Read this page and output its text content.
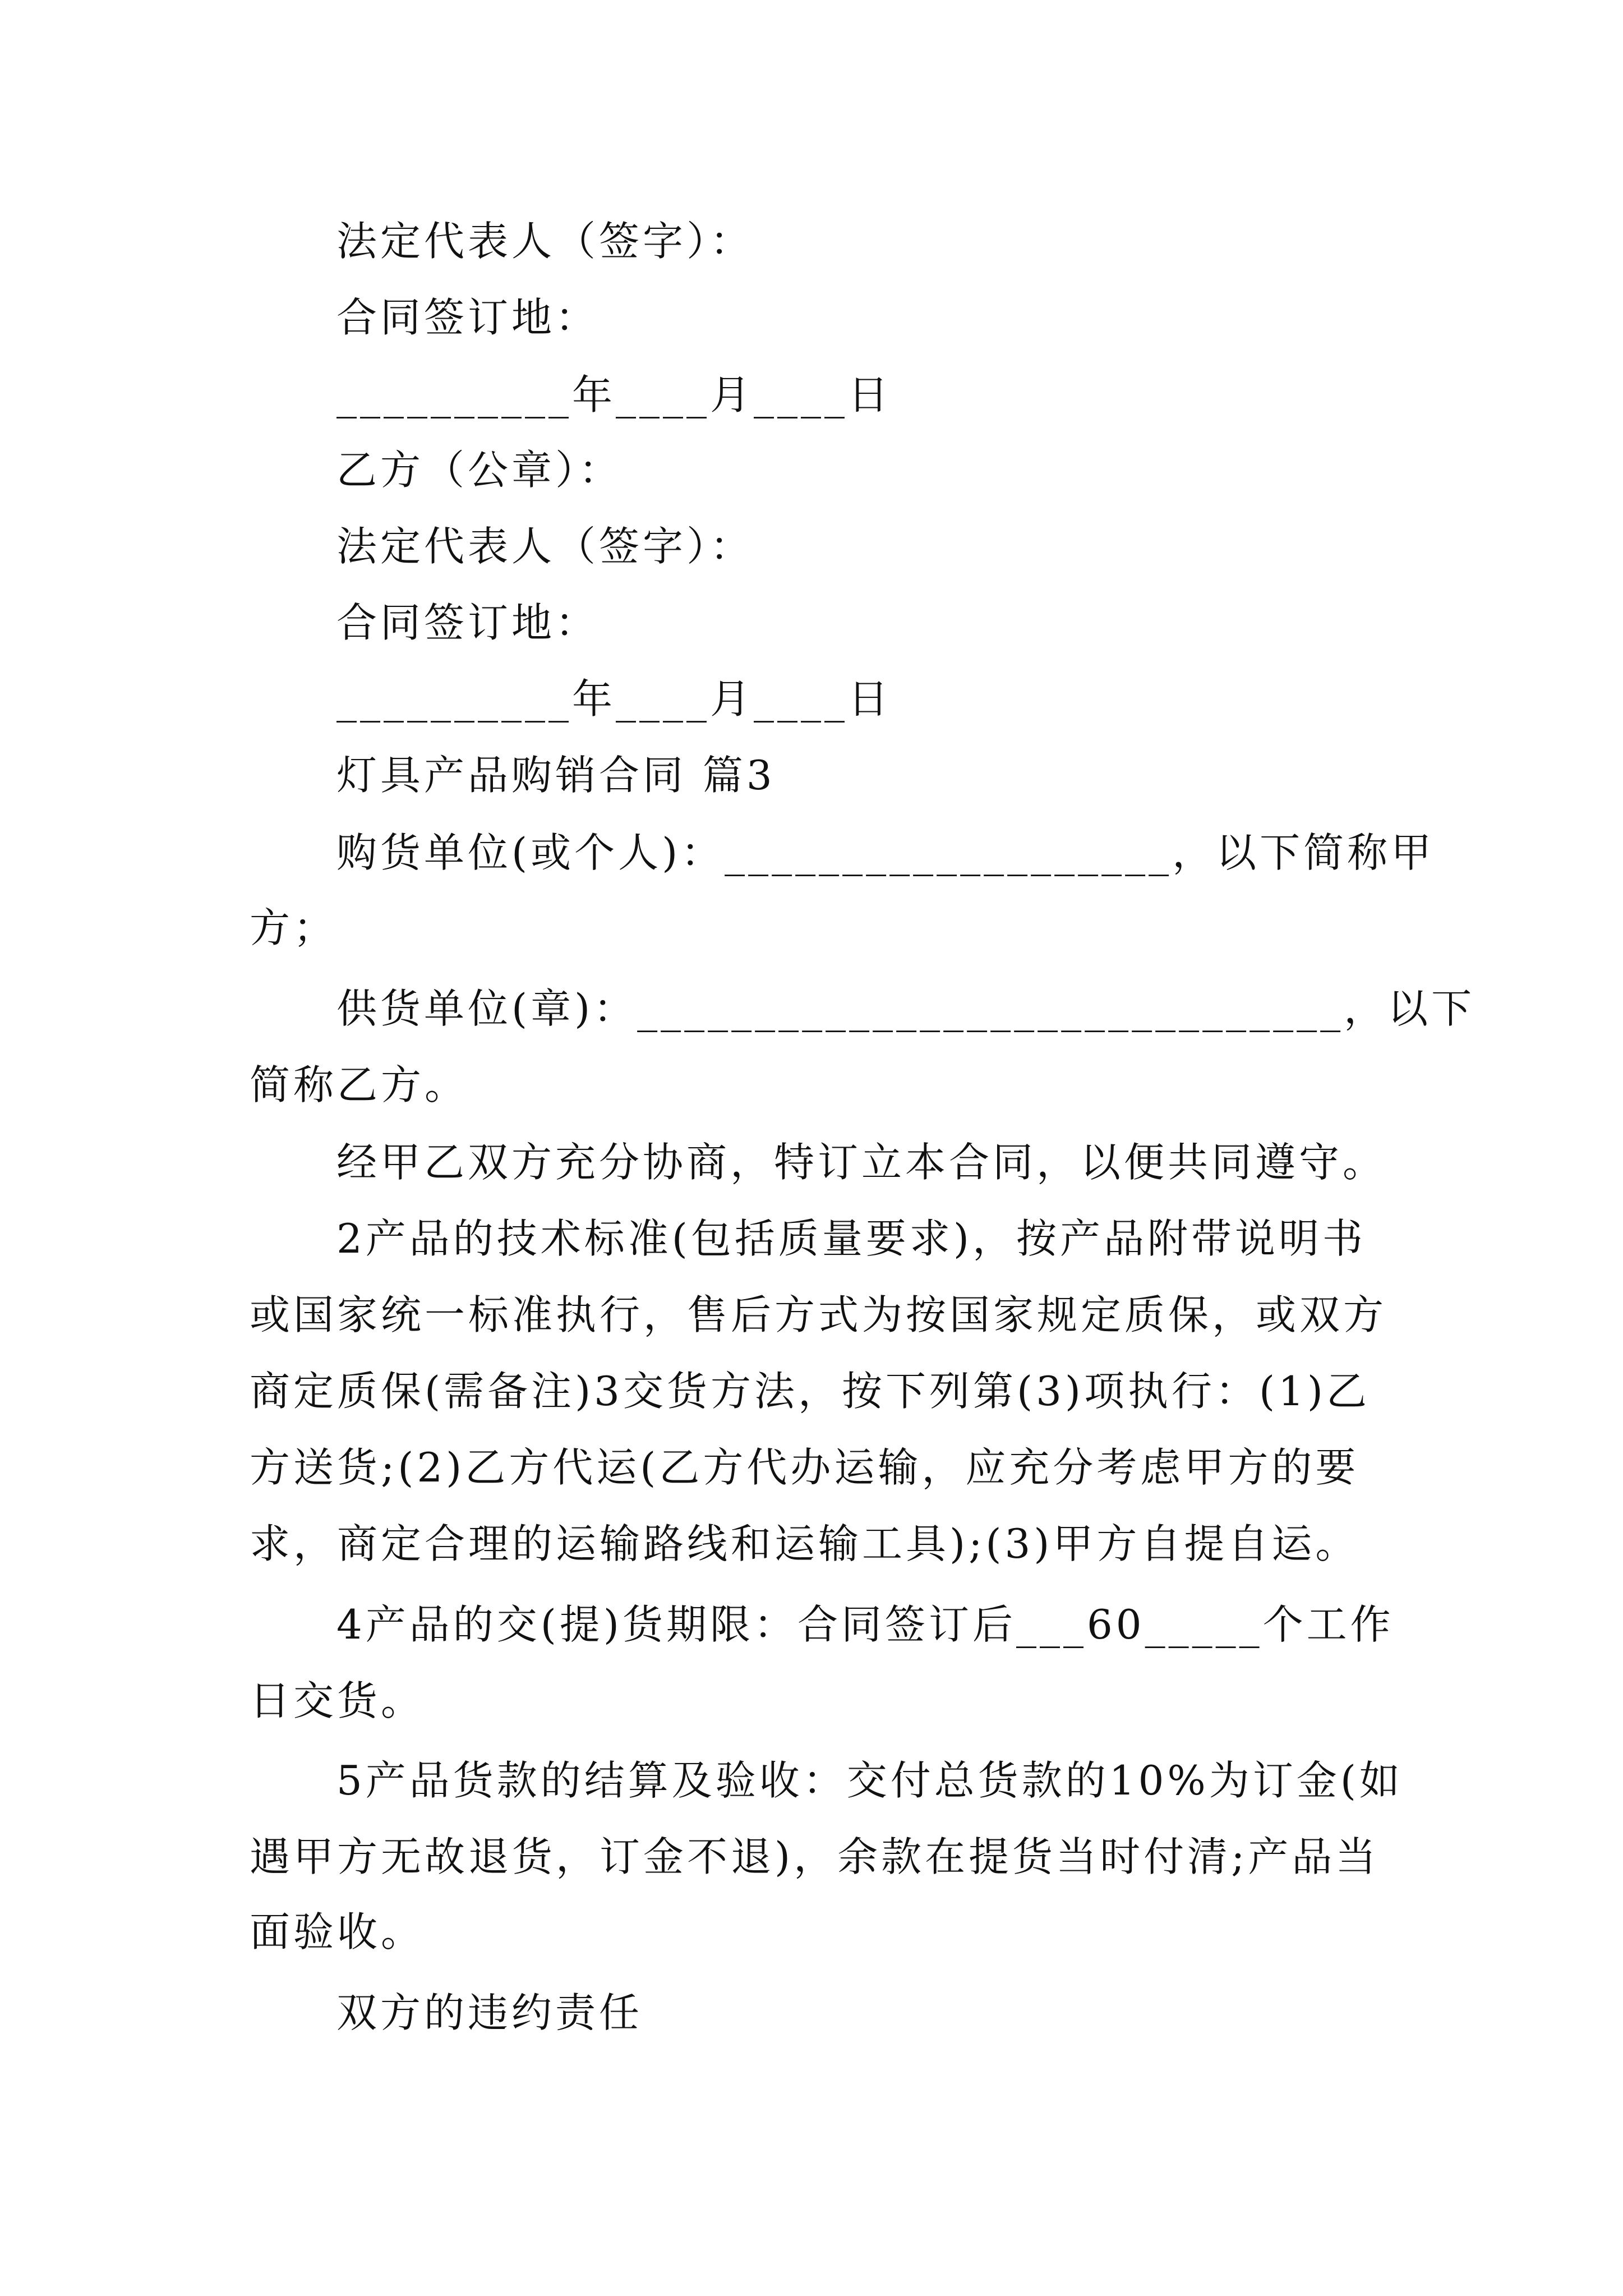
法定代表人（签字）：
合同签订地：
__________年____月____日
乙方（公章）：
法定代表人（签字）：
合同签订地：
__________年____月____日
灯具产品购销合同 篇3
购货单位(或个人)：___________________，以下简称甲
方；
供货单位(章)：______________________________，以下
简称乙方。
经甲乙双方充分协商，特订立本合同，以便共同遵守。
2产品的技术标准(包括质量要求)，按产品附带说明书
或国家统一标准执行，售后方式为按国家规定质保，或双方
商定质保(需备注)3交货方法，按下列第(3)项执行：(1)乙
方送货;(2)乙方代运(乙方代办运输，应充分考虑甲方的要
求，商定合理的运输路线和运输工具);(3)甲方自提自运。
4产品的交(提)货期限：合同签订后___60_____个工作
日交货。
5产品货款的结算及验收：交付总货款的10%为订金(如
遇甲方无故退货，订金不退)，余款在提货当时付清;产品当
面验收。
双方的违约责任
